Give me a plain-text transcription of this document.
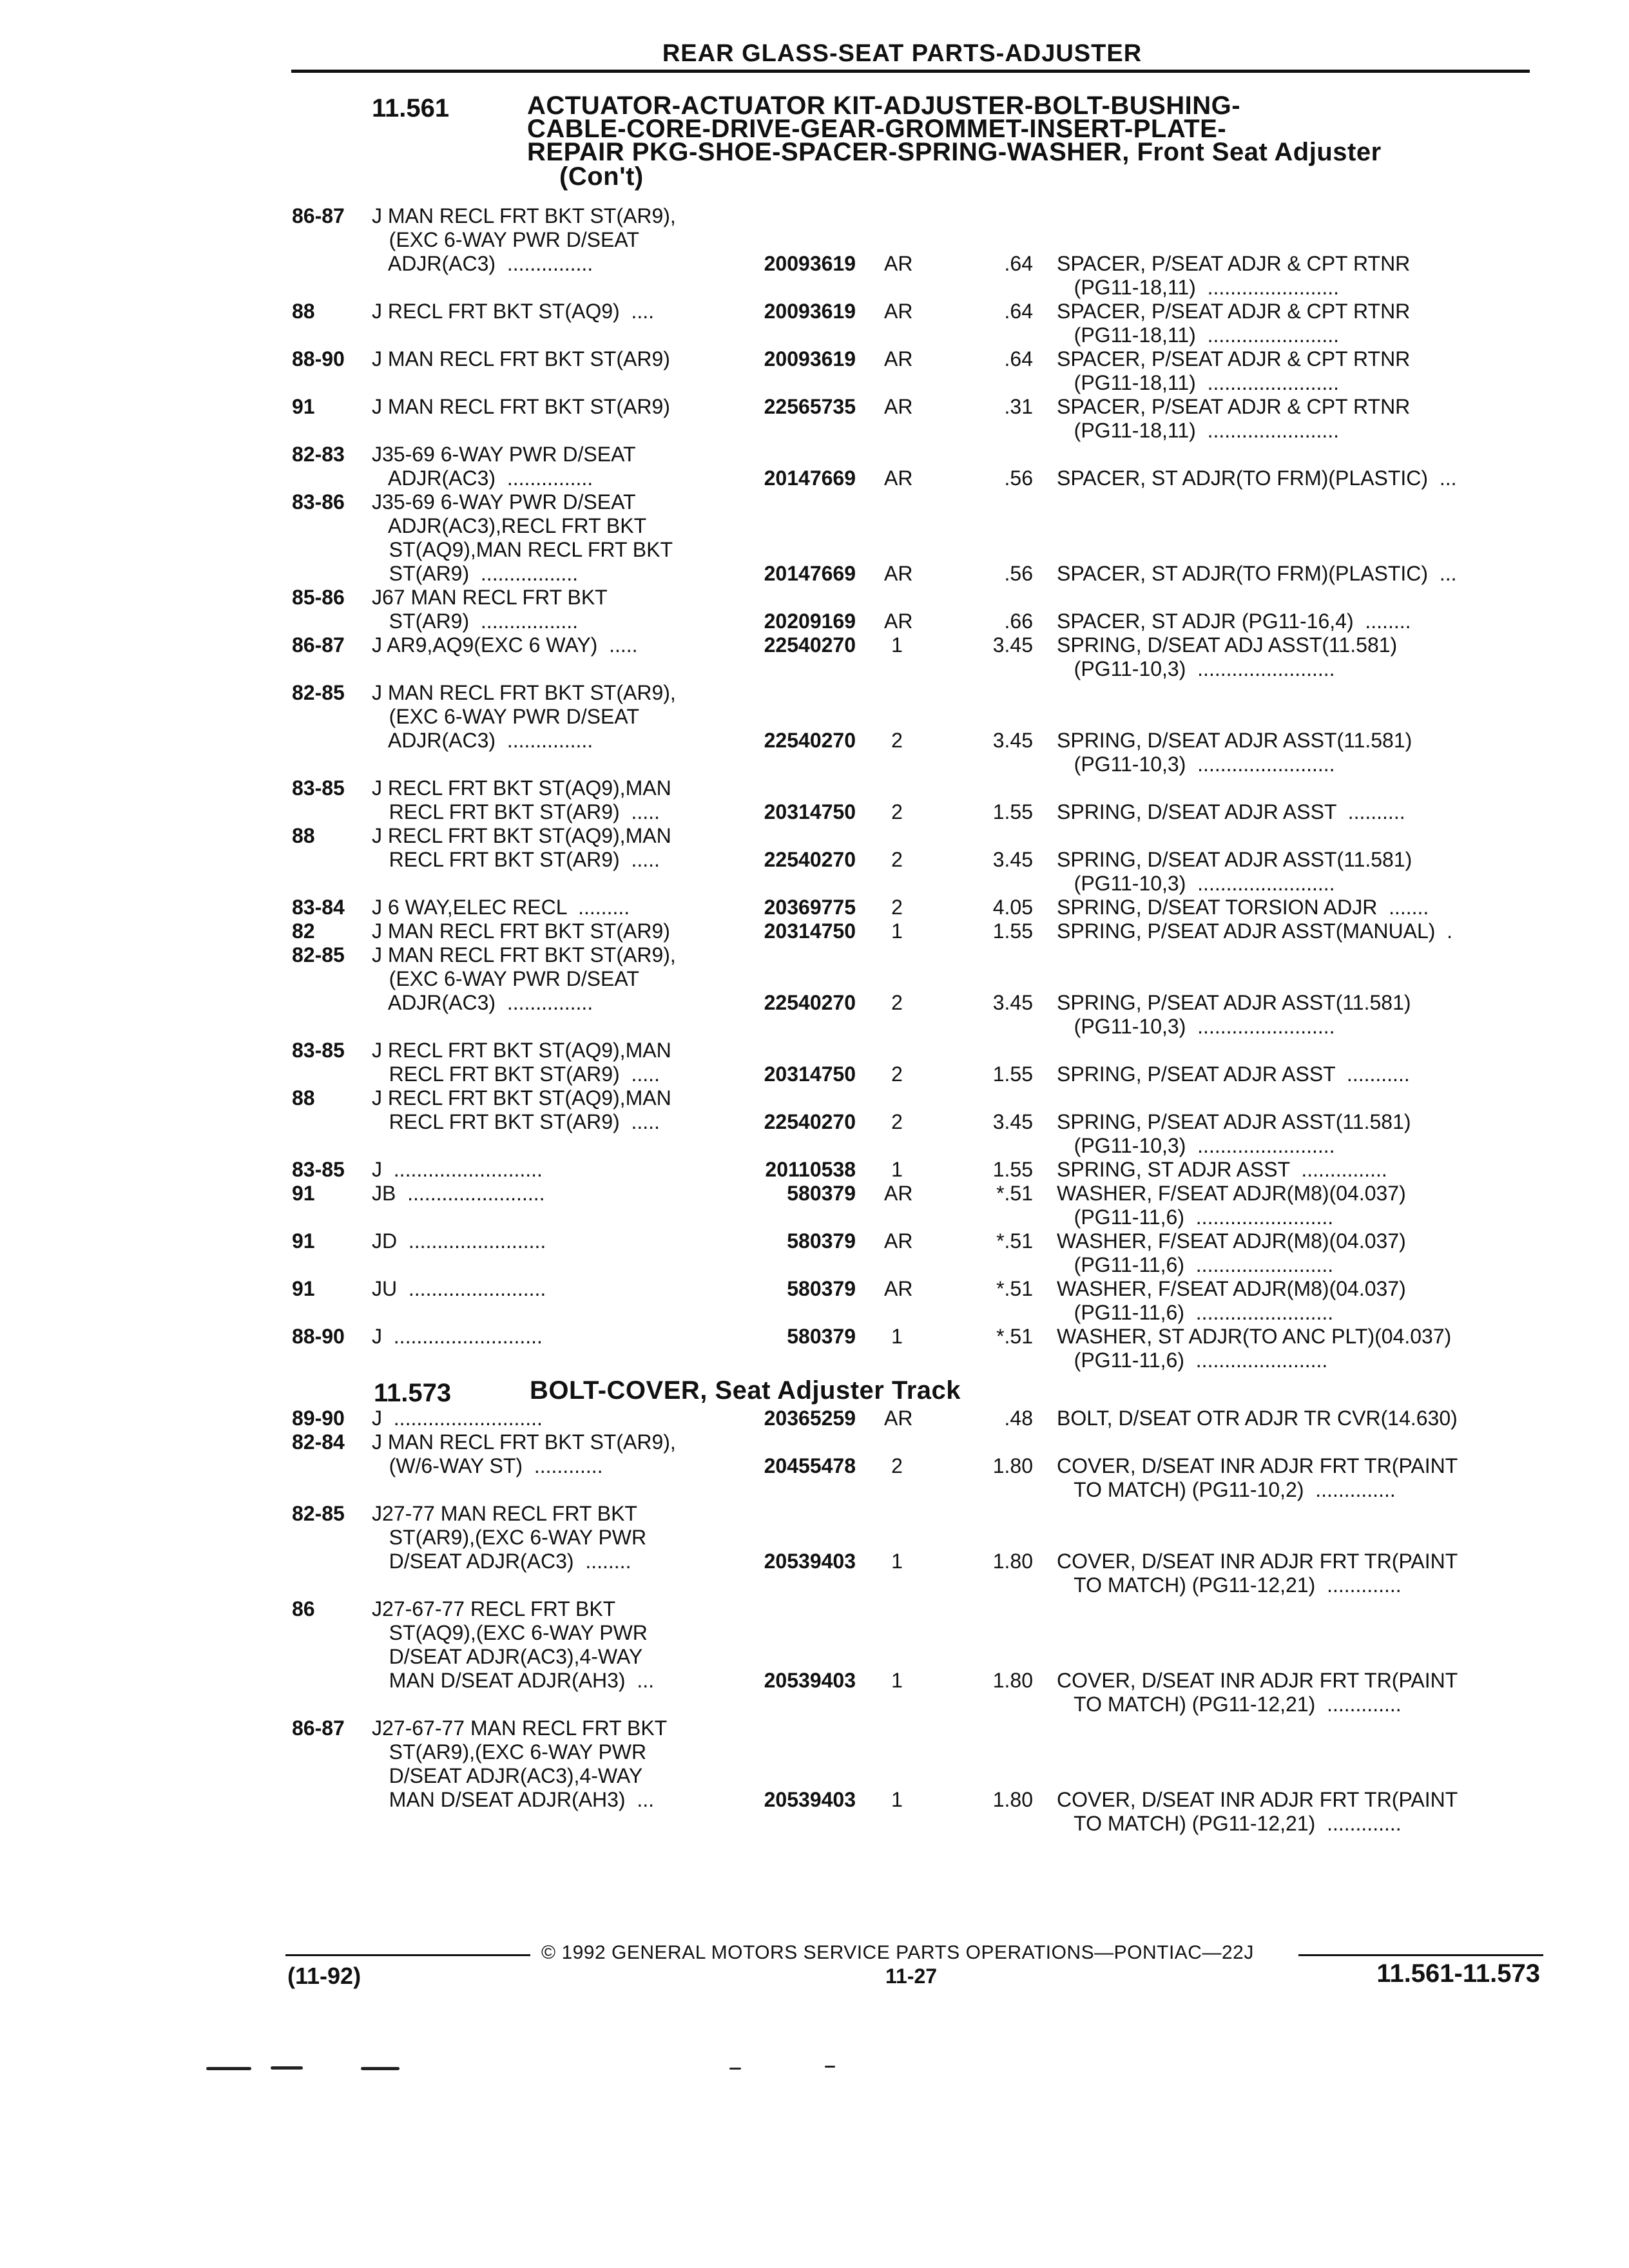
REAR GLASS-SEAT PARTS-ADJUSTER
11.561	ACTUATOR-ACTUATOR KIT-ADJUSTER-BOLT-BUSHING-
CABLE-CORE-DRIVE-GEAR-GROMMET-INSERT-PLATE-
REPAIR PKG-SHOE-SPACER-SPRING-WASHER, Front Seat Adjuster
(Con't)
86-87 J MAN RECL FRT BKT ST(AR9),
(EXC 6-WAY PWR D/SEAT
ADJR(AC3)  ...............	20093619 AR	.64 SPACER, P/SEAT ADJR & CPT RTNR
(PG11-18,11)  .......................
88	J RECL FRT BKT ST(AQ9)  ....	20093619 AR	.64 SPACER, P/SEAT ADJR & CPT RTNR
(PG11-18,11)  .......................
88-90 J MAN RECL FRT BKT ST(AR9)	20093619 AR	.64 SPACER, P/SEAT ADJR & CPT RTNR
(PG11-18,11)  .......................
91	J MAN RECL FRT BKT ST(AR9)	22565735 AR	.31 SPACER, P/SEAT ADJR & CPT RTNR
(PG11-18,11)  .......................
82-83 J35-69 6-WAY PWR D/SEAT
ADJR(AC3)  ...............	20147669 AR	.56 SPACER, ST ADJR(TO FRM)(PLASTIC)  ...
83-86 J35-69 6-WAY PWR D/SEAT
ADJR(AC3),RECL FRT BKT
ST(AQ9),MAN RECL FRT BKT
ST(AR9)  .................	20147669 AR	.56 SPACER, ST ADJR(TO FRM)(PLASTIC)  ...
85-86 J67 MAN RECL FRT BKT
ST(AR9)  .................	20209169 AR	.66 SPACER, ST ADJR (PG11-16,4)  ........
86-87 J AR9,AQ9(EXC 6 WAY)  .....	22540270	1	3.45 SPRING, D/SEAT ADJ ASST(11.581)
(PG11-10,3)  ........................
82-85 J MAN RECL FRT BKT ST(AR9),
(EXC 6-WAY PWR D/SEAT
ADJR(AC3)  ...............	22540270	2	3.45 SPRING, D/SEAT ADJR ASST(11.581)
(PG11-10,3)  ........................
83-85 J RECL FRT BKT ST(AQ9),MAN
RECL FRT BKT ST(AR9)  .....	20314750	2	1.55 SPRING, D/SEAT ADJR ASST  ..........
88	J RECL FRT BKT ST(AQ9),MAN
RECL FRT BKT ST(AR9)  .....	22540270	2	3.45 SPRING, D/SEAT ADJR ASST(11.581)
(PG11-10,3)  ........................
83-84 J 6 WAY,ELEC RECL  .........	20369775	2	4.05 SPRING, D/SEAT TORSION ADJR  .......
82	J MAN RECL FRT BKT ST(AR9)	20314750	1	1.55 SPRING, P/SEAT ADJR ASST(MANUAL)  .
82-85 J MAN RECL FRT BKT ST(AR9),
(EXC 6-WAY PWR D/SEAT
ADJR(AC3)  ...............	22540270	2	3.45 SPRING, P/SEAT ADJR ASST(11.581)
(PG11-10,3)  ........................
83-85 J RECL FRT BKT ST(AQ9),MAN
RECL FRT BKT ST(AR9)  .....	20314750	2	1.55 SPRING, P/SEAT ADJR ASST  ...........
88	J RECL FRT BKT ST(AQ9),MAN
RECL FRT BKT ST(AR9)  .....	22540270	2	3.45 SPRING, P/SEAT ADJR ASST(11.581)
(PG11-10,3)  ........................
83-85 J  ..........................	20110538	1	1.55 SPRING, ST ADJR ASST  ...............
91	JB  ........................	580379 AR	*.51 WASHER, F/SEAT ADJR(M8)(04.037)
(PG11-11,6)  ........................
91	JD  ........................	580379 AR	*.51 WASHER, F/SEAT ADJR(M8)(04.037)
(PG11-11,6)  ........................
91	JU  ........................	580379 AR	*.51 WASHER, F/SEAT ADJR(M8)(04.037)
(PG11-11,6)  ........................
88-90 J  ..........................	580379	1	*.51 WASHER, ST ADJR(TO ANC PLT)(04.037)
(PG11-11,6)  .......................
11.573	BOLT-COVER, Seat Adjuster Track
89-90 J  ..........................	20365259 AR	.48 BOLT, D/SEAT OTR ADJR TR CVR(14.630)
82-84 J MAN RECL FRT BKT ST(AR9),
(W/6-WAY ST)  ............	20455478	2	1.80 COVER, D/SEAT INR ADJR FRT TR(PAINT
TO MATCH) (PG11-10,2)  ..............
82-85 J27-77 MAN RECL FRT BKT
ST(AR9),(EXC 6-WAY PWR
D/SEAT ADJR(AC3)  ........	20539403	1	1.80 COVER, D/SEAT INR ADJR FRT TR(PAINT
TO MATCH) (PG11-12,21)  .............
86	J27-67-77 RECL FRT BKT
ST(AQ9),(EXC 6-WAY PWR
D/SEAT ADJR(AC3),4-WAY
MAN D/SEAT ADJR(AH3)  ...	20539403	1	1.80 COVER, D/SEAT INR ADJR FRT TR(PAINT
TO MATCH) (PG11-12,21)  .............
86-87 J27-67-77 MAN RECL FRT BKT
ST(AR9),(EXC 6-WAY PWR
D/SEAT ADJR(AC3),4-WAY
MAN D/SEAT ADJR(AH3)  ...	20539403	1	1.80 COVER, D/SEAT INR ADJR FRT TR(PAINT
TO MATCH) (PG11-12,21)  .............
© 1992 GENERAL MOTORS SERVICE PARTS OPERATIONS—PONTIAC—22J
(11-92)	11-27	11.561-11.573
